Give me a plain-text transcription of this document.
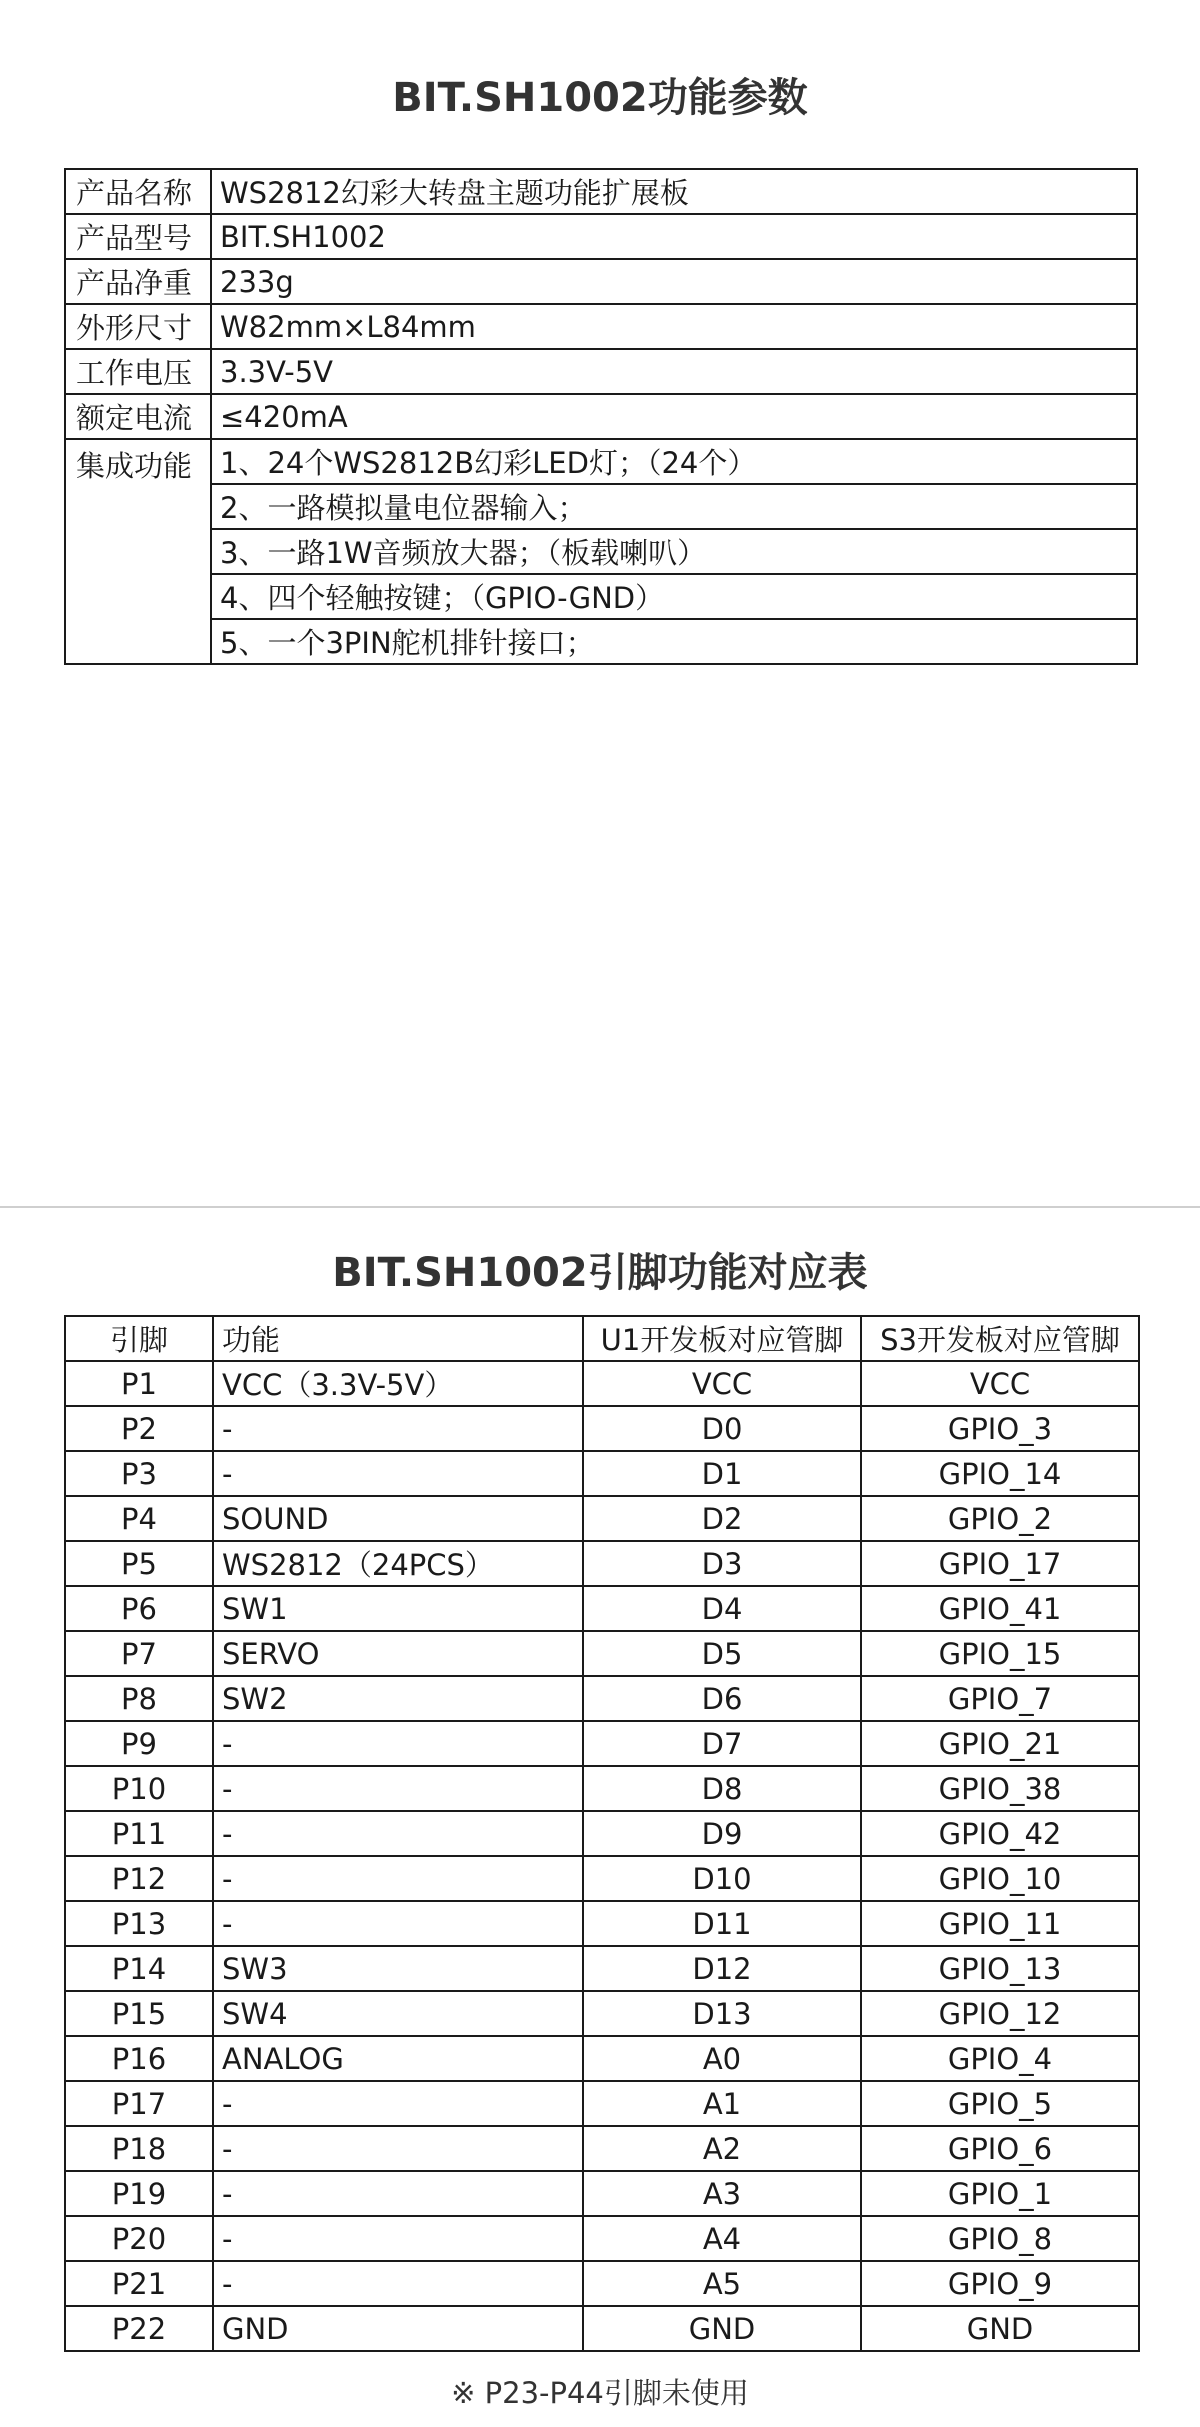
BIT.SH1002功能参数
产品名称	WS2812幻彩大转盘主题功能扩展板
产品型号	BIT.SH1002
产品净重	233g
外形尺寸	W82mm×L84mm
工作电压	3.3V-5V
额定电流	≤420mA
集成功能	1、24个WS2812B幻彩LED灯；（24个）
	2、一路模拟量电位器输入；
	3、一路1W音频放大器；（板载喇叭）
	4、四个轻触按键；（GPIO-GND）
	5、一个3PIN舵机排针接口；
BIT.SH1002引脚功能对应表
引脚	功能	U1开发板对应管脚	S3开发板对应管脚
P1	VCC（3.3V-5V）	VCC	VCC
P2	-	D0	GPIO_3
P3	-	D1	GPIO_14
P4	SOUND	D2	GPIO_2
P5	WS2812（24PCS）	D3	GPIO_17
P6	SW1	D4	GPIO_41
P7	SERVO	D5	GPIO_15
P8	SW2	D6	GPIO_7
P9	-	D7	GPIO_21
P10	-	D8	GPIO_38
P11	-	D9	GPIO_42
P12	-	D10	GPIO_10
P13	-	D11	GPIO_11
P14	SW3	D12	GPIO_13
P15	SW4	D13	GPIO_12
P16	ANALOG	A0	GPIO_4
P17	-	A1	GPIO_5
P18	-	A2	GPIO_6
P19	-	A3	GPIO_1
P20	-	A4	GPIO_8
P21	-	A5	GPIO_9
P22	GND	GND	GND
※ P23-P44引脚未使用
